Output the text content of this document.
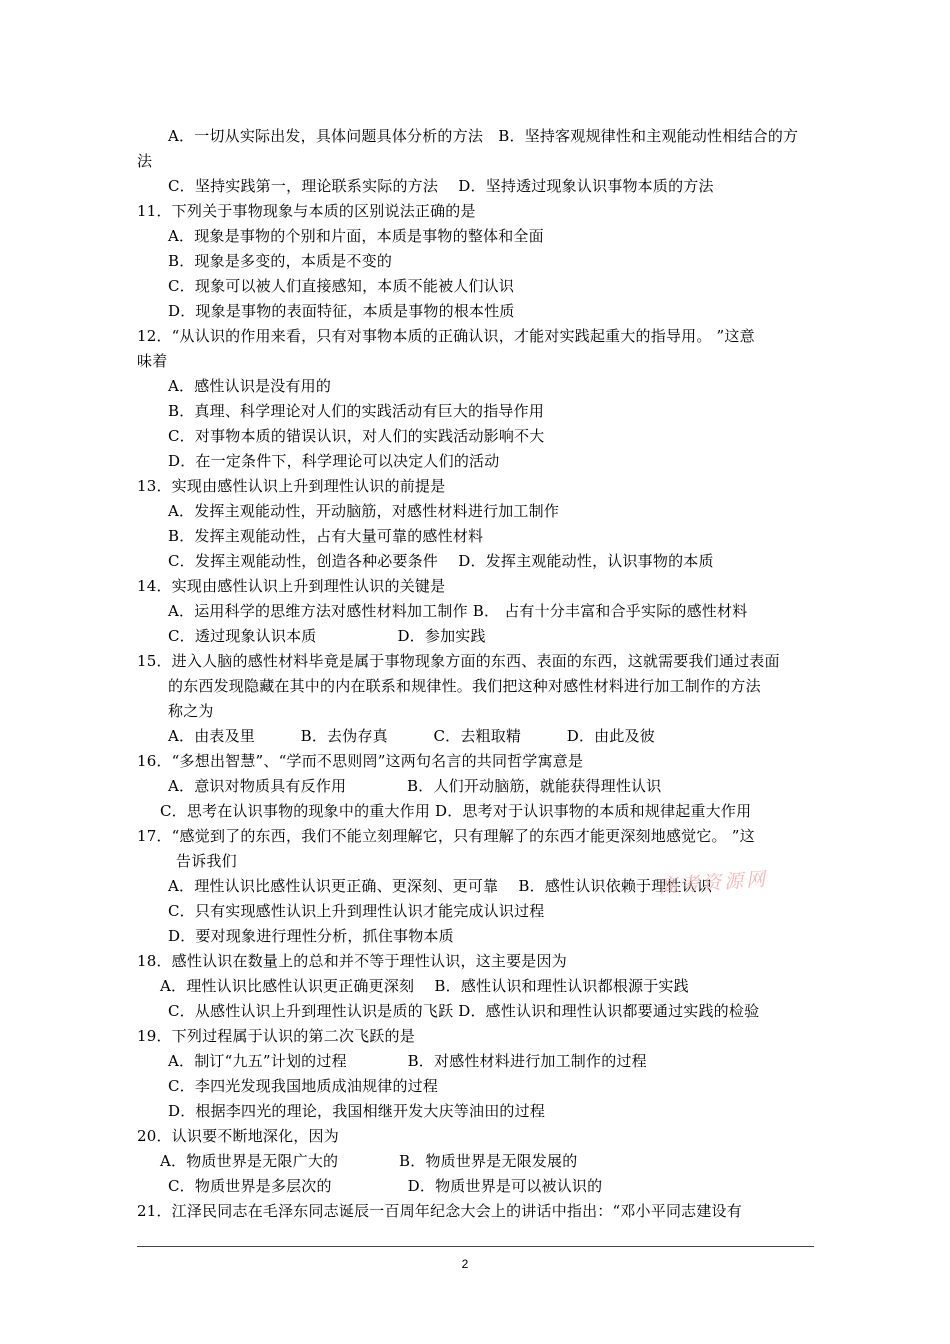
A．一切从实际出发，具体问题具体分析的方法　B．坚持客观规律性和主观能动性相结合的方
法
C．坚持实践第一，理论联系实际的方法　 D．坚持透过现象认识事物本质的方法
11．下列关于事物现象与本质的区别说法正确的是
A．现象是事物的个别和片面，本质是事物的整体和全面
B．现象是多变的，本质是不变的
C．现象可以被人们直接感知，本质不能被人们认识
D．现象是事物的表面特征，本质是事物的根本性质
12．“从认识的作用来看，只有对事物本质的正确认识，才能对实践起重大的指导用。 ”这意
味着
A．感性认识是没有用的
B．真理、科学理论对人们的实践活动有巨大的指导作用
C．对事物本质的错误认识，对人们的实践活动影响不大
D．在一定条件下，科学理论可以决定人们的活动
13．实现由感性认识上升到理性认识的前提是
A．发挥主观能动性，开动脑筋，对感性材料进行加工制作
B．发挥主观能动性，占有大量可靠的感性材料
C．发挥主观能动性，创造各种必要条件　 D．发挥主观能动性，认识事物的本质
14．实现由感性认识上升到理性认识的关键是
A．运用科学的思维方法对感性材料加工制作 B． 占有十分丰富和合乎实际的感性材料
C．透过现象认识本质　　　　　 D．参加实践
15．进入人脑的感性材料毕竟是属于事物现象方面的东西、表面的东西，这就需要我们通过表面
的东西发现隐藏在其中的内在联系和规律性。我们把这种对感性材料进行加工制作的方法
称之为
A．由表及里　　　B．去伪存真　　　C．去粗取精　　　D．由此及彼
16．“多想出智慧”、“学而不思则罔”这两句名言的共同哲学寓意是
A．意识对物质具有反作用　　　　B．人们开动脑筋，就能获得理性认识
C．思考在认识事物的现象中的重大作用 D．思考对于认识事物的本质和规律起重大作用
17．“感觉到了的东西，我们不能立刻理解它，只有理解了的东西才能更深刻地感觉它。 ”这
告诉我们
A．理性认识比感性认识更正确、更深刻、更可靠　 B．感性认识依赖于理性认识
C．只有实现感性认识上升到理性认识才能完成认识过程
D．要对现象进行理性分析，抓住事物本质
18．感性认识在数量上的总和并不等于理性认识，这主要是因为
A．理性认识比感性认识更正确更深刻　 B．感性认识和理性认识都根源于实践
C．从感性认识上升到理性认识是质的飞跃 D．感性认识和理性认识都要通过实践的检验
19．下列过程属于认识的第二次飞跃的是
A．制订“九五”计划的过程　　　　B．对感性材料进行加工制作的过程
C．李四光发现我国地质成油规律的过程
D．根据李四光的理论，我国相继开发大庆等油田的过程
20．认识要不断地深化，因为
A．物质世界是无限广大的　　　　B．物质世界是无限发展的
C．物质世界是多层次的　　　　　D．物质世界是可以被认识的
21．江泽民同志在毛泽东同志诞辰一百周年纪念大会上的讲话中指出：“邓小平同志建设有
高考资源网
2
